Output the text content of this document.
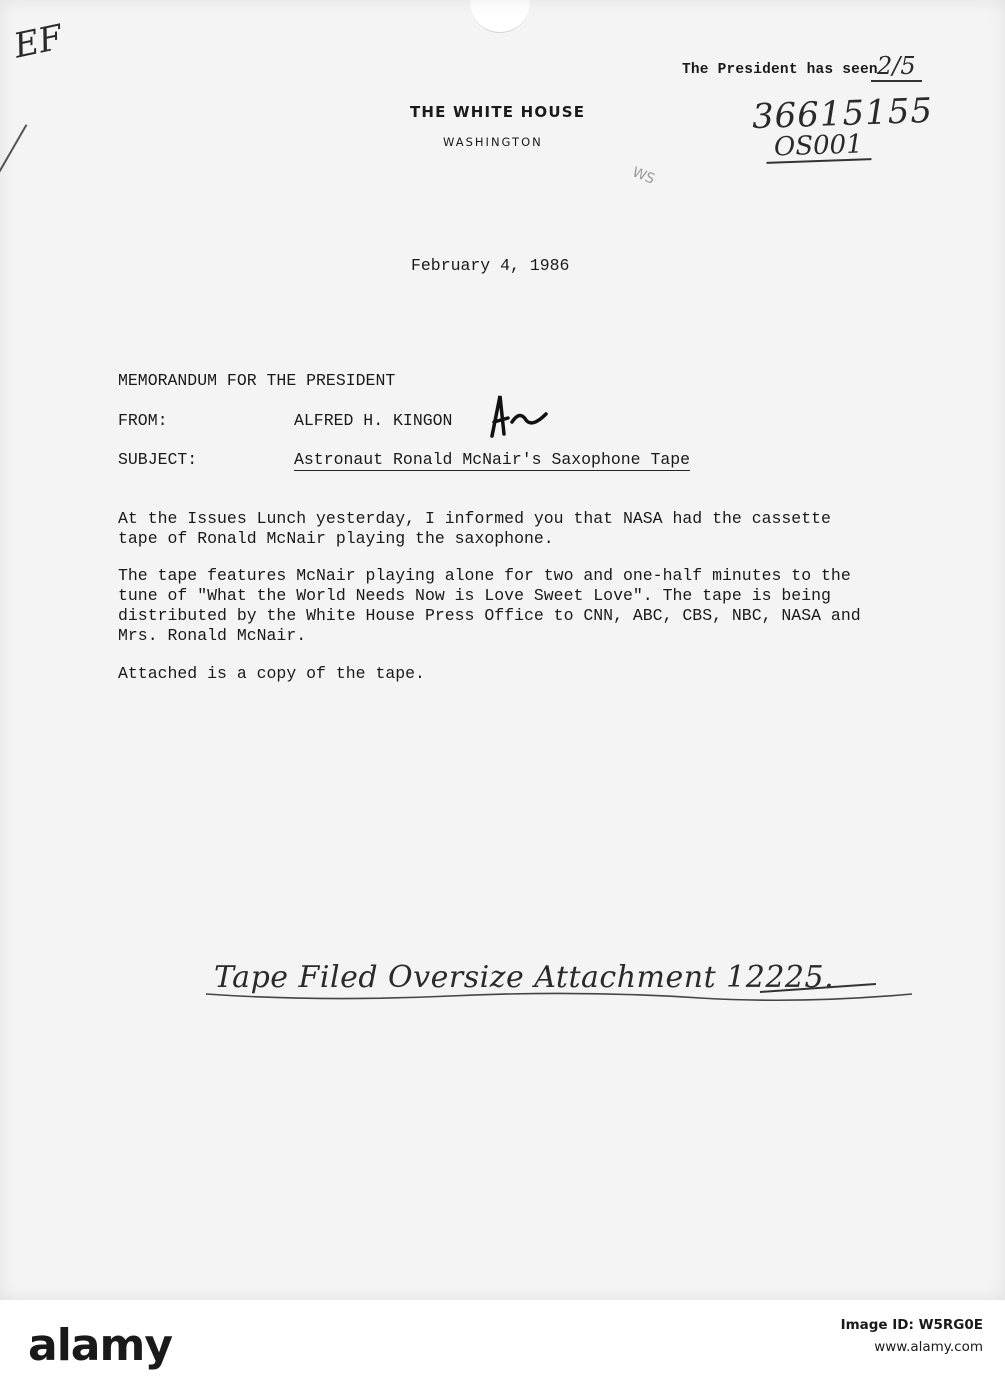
EF
The President has seen 2/5
36615155
OS001
WS
THE WHITE HOUSE
WASHINGTON
February 4, 1986
MEMORANDUM FOR THE PRESIDENT
FROM:	ALFRED H. KINGON
SUBJECT:	Astronaut Ronald McNair's Saxophone Tape
At the Issues Lunch yesterday, I informed you that NASA had the cassette tape of Ronald McNair playing the saxophone.
The tape features McNair playing alone for two and one-half minutes to the tune of "What the World Needs Now is Love Sweet Love". The tape is being distributed by the White House Press Office to CNN, ABC, CBS, NBC, NASA and Mrs. Ronald McNair.
Attached is a copy of the tape.
Tape Filed Oversize Attachment 12225.
alamy	Image ID: W5RG0E
www.alamy.com
